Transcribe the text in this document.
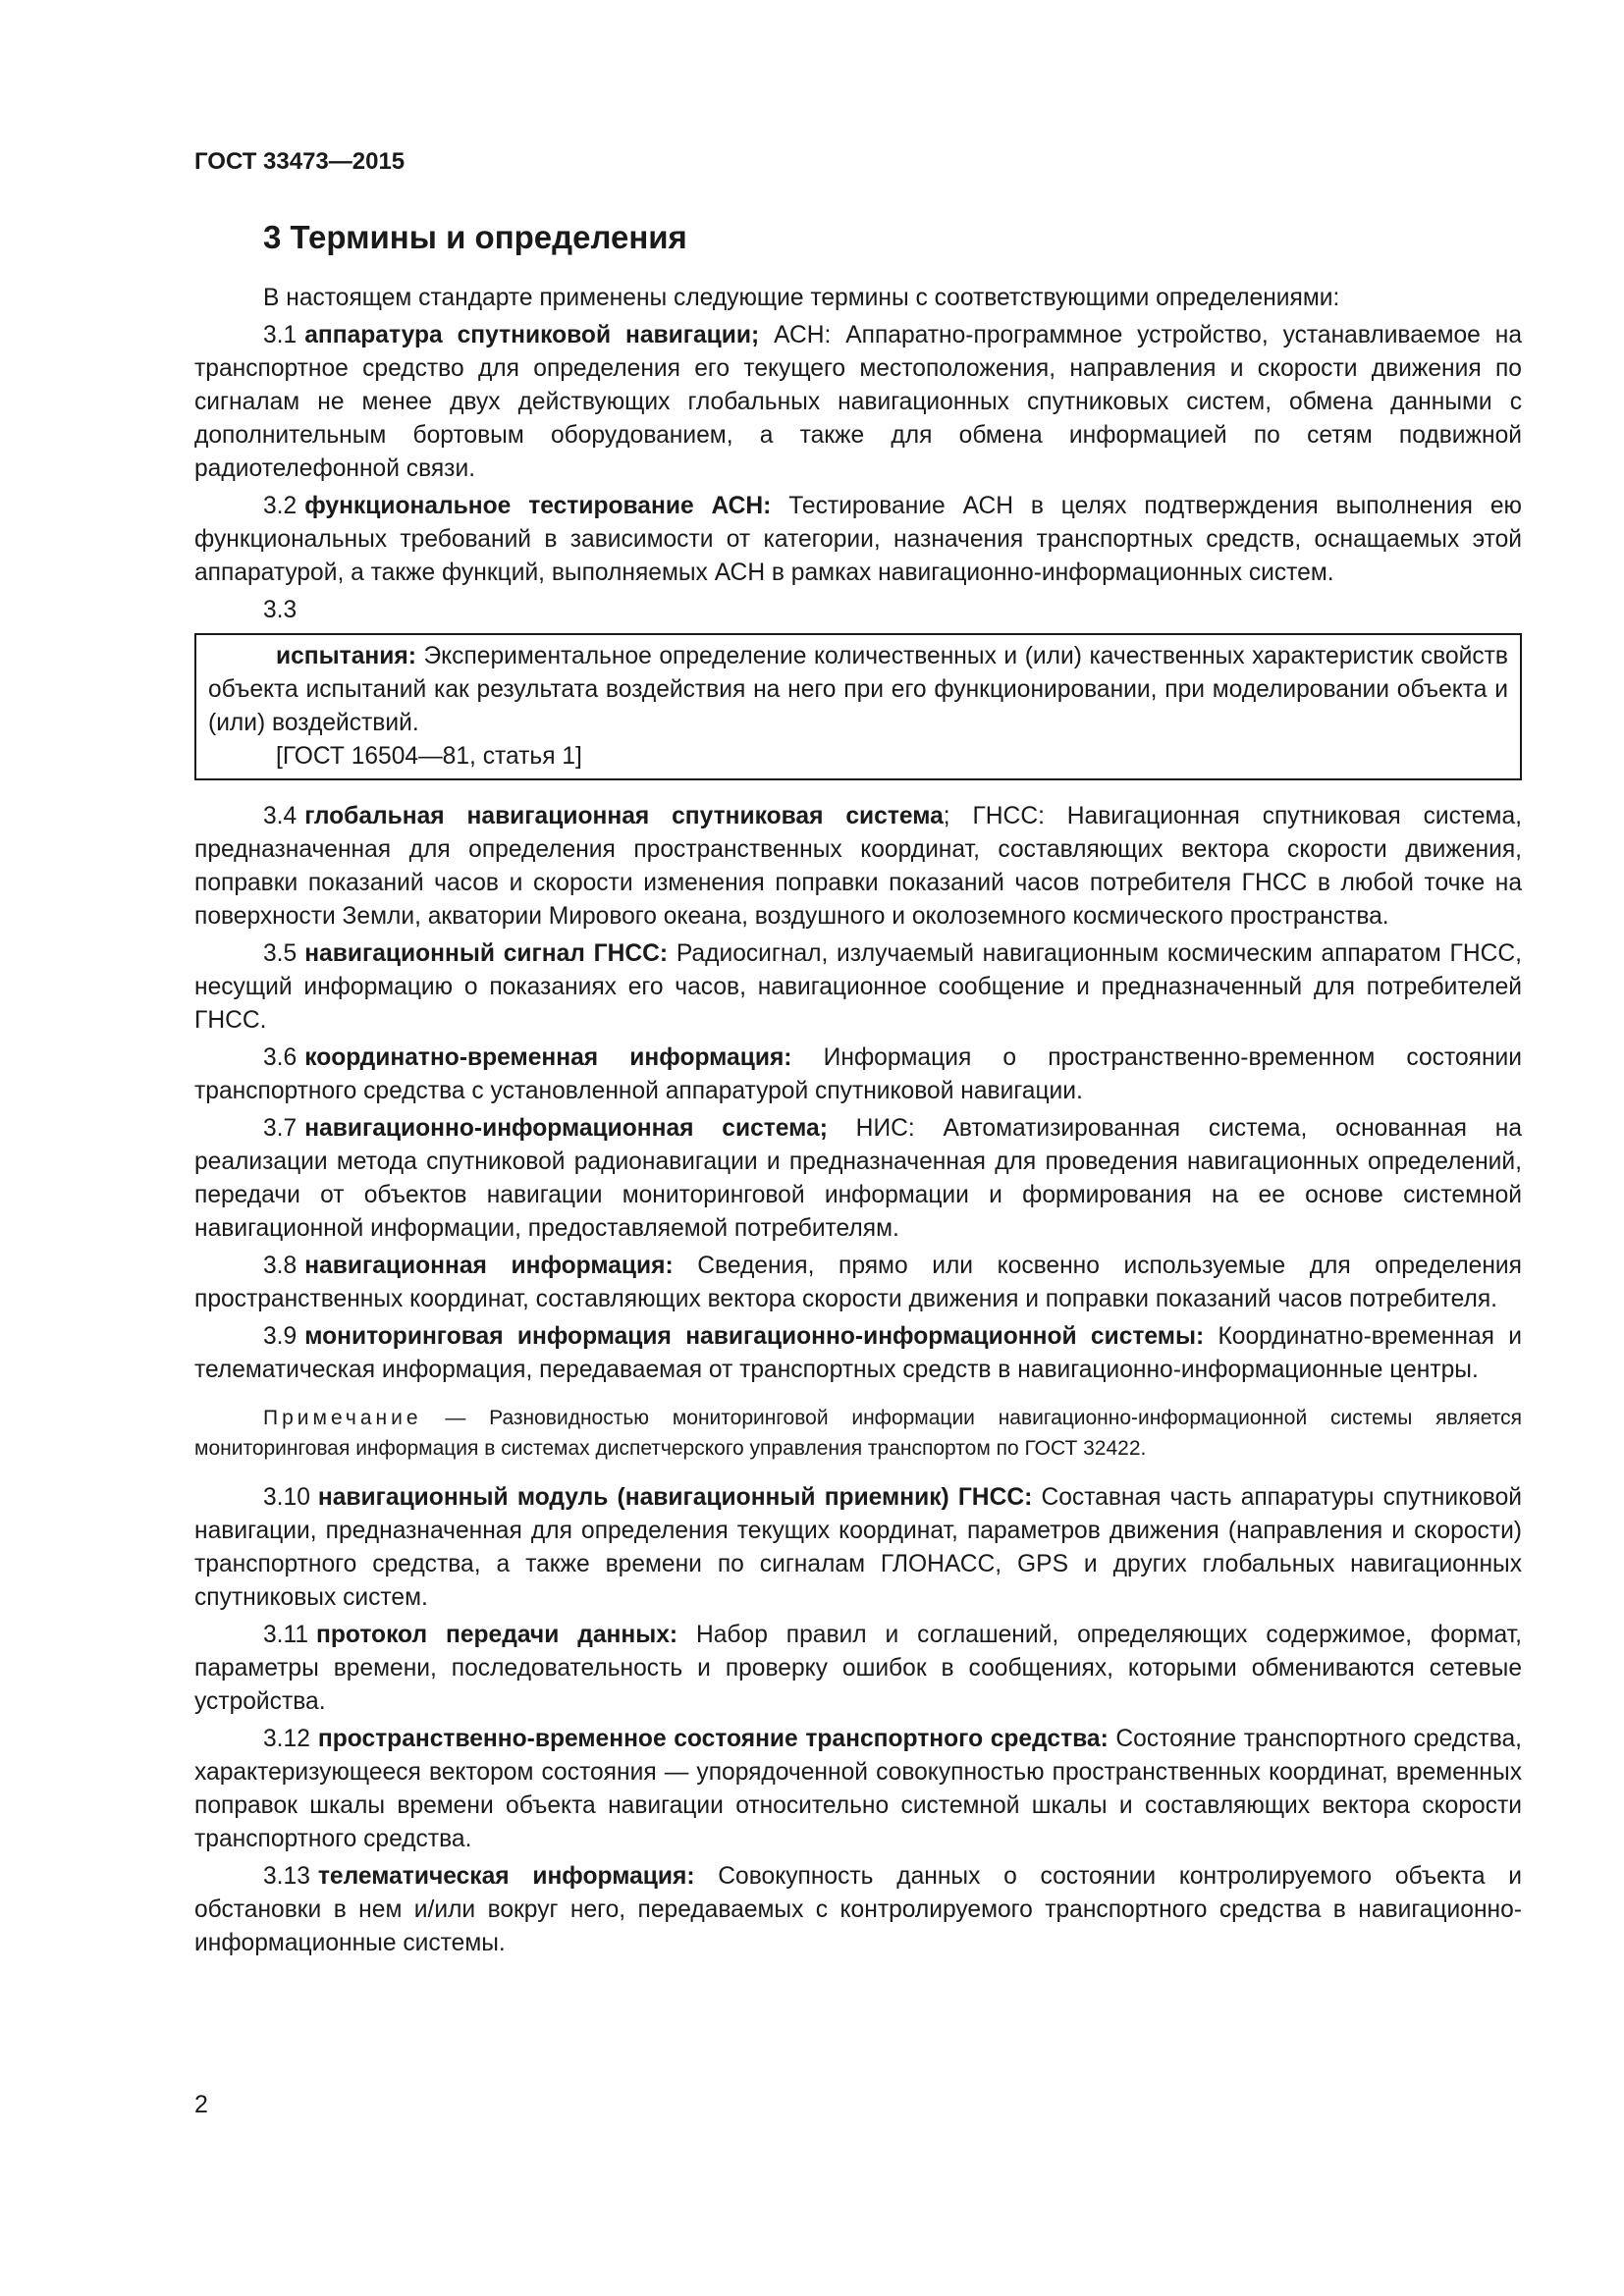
ГОСТ 33473—2015
3 Термины и определения

В настоящем стандарте применены следующие термины с соответствующими определениями:

3.1 аппаратура спутниковой навигации; АСН: Аппаратно-программное устройство, устанавливаемое на транспортное средство для определения его текущего местоположения, направления и скорости движения по сигналам не менее двух действующих глобальных навигационных спутниковых систем, обмена данными с дополнительным бортовым оборудованием, а также для обмена информацией по сетям подвижной радиотелефонной связи.

3.2 функциональное тестирование АСН: Тестирование АСН в целях подтверждения выполнения ею функциональных требований в зависимости от категории, назначения транспортных средств, оснащаемых этой аппаратурой, а также функций, выполняемых АСН в рамках навигационно-информационных систем.

3.3

испытания: Экспериментальное определение количественных и (или) качественных характеристик свойств объекта испытаний как результата воздействия на него при его функционировании, при моделировании объекта и (или) воздействий.

[ГОСТ 16504—81, статья 1]

3.4 глобальная навигационная спутниковая система; ГНСС: Навигационная спутниковая система, предназначенная для определения пространственных координат, составляющих вектора скорости движения, поправки показаний часов и скорости изменения поправки показаний часов потребителя ГНСС в любой точке на поверхности Земли, акватории Мирового океана, воздушного и околоземного космического пространства.

3.5 навигационный сигнал ГНСС: Радиосигнал, излучаемый навигационным космическим аппаратом ГНСС, несущий информацию о показаниях его часов, навигационное сообщение и предназначенный для потребителей ГНСС.

3.6 координатно-временная информация: Информация о пространственно-временном состоянии транспортного средства с установленной аппаратурой спутниковой навигации.

3.7 навигационно-информационная система; НИС: Автоматизированная система, основанная на реализации метода спутниковой радионавигации и предназначенная для проведения навигационных определений, передачи от объектов навигации мониторинговой информации и формирования на ее основе системной навигационной информации, предоставляемой потребителям.

3.8 навигационная информация: Сведения, прямо или косвенно используемые для определения пространственных координат, составляющих вектора скорости движения и поправки показаний часов потребителя.

3.9 мониторинговая информация навигационно-информационной системы: Координатно-временная и телематическая информация, передаваемая от транспортных средств в навигационно-информационные центры.

Примечание — Разновидностью мониторинговой информации навигационно-информационной системы является мониторинговая информация в системах диспетчерского управления транспортом по ГОСТ 32422.

3.10 навигационный модуль (навигационный приемник) ГНСС: Составная часть аппаратуры спутниковой навигации, предназначенная для определения текущих координат, параметров движения (направления и скорости) транспортного средства, а также времени по сигналам ГЛОНАСС, GPS и других глобальных навигационных спутниковых систем.

3.11 протокол передачи данных: Набор правил и соглашений, определяющих содержимое, формат, параметры времени, последовательность и проверку ошибок в сообщениях, которыми обмениваются сетевые устройства.

3.12 пространственно-временное состояние транспортного средства: Состояние транспортного средства, характеризующееся вектором состояния — упорядоченной совокупностью пространственных координат, временных поправок шкалы времени объекта навигации относительно системной шкалы и составляющих вектора скорости транспортного средства.

3.13 телематическая информация: Совокупность данных о состоянии контролируемого объекта и обстановки в нем и/или вокруг него, передаваемых с контролируемого транспортного средства в навигационно-информационные системы.

2
